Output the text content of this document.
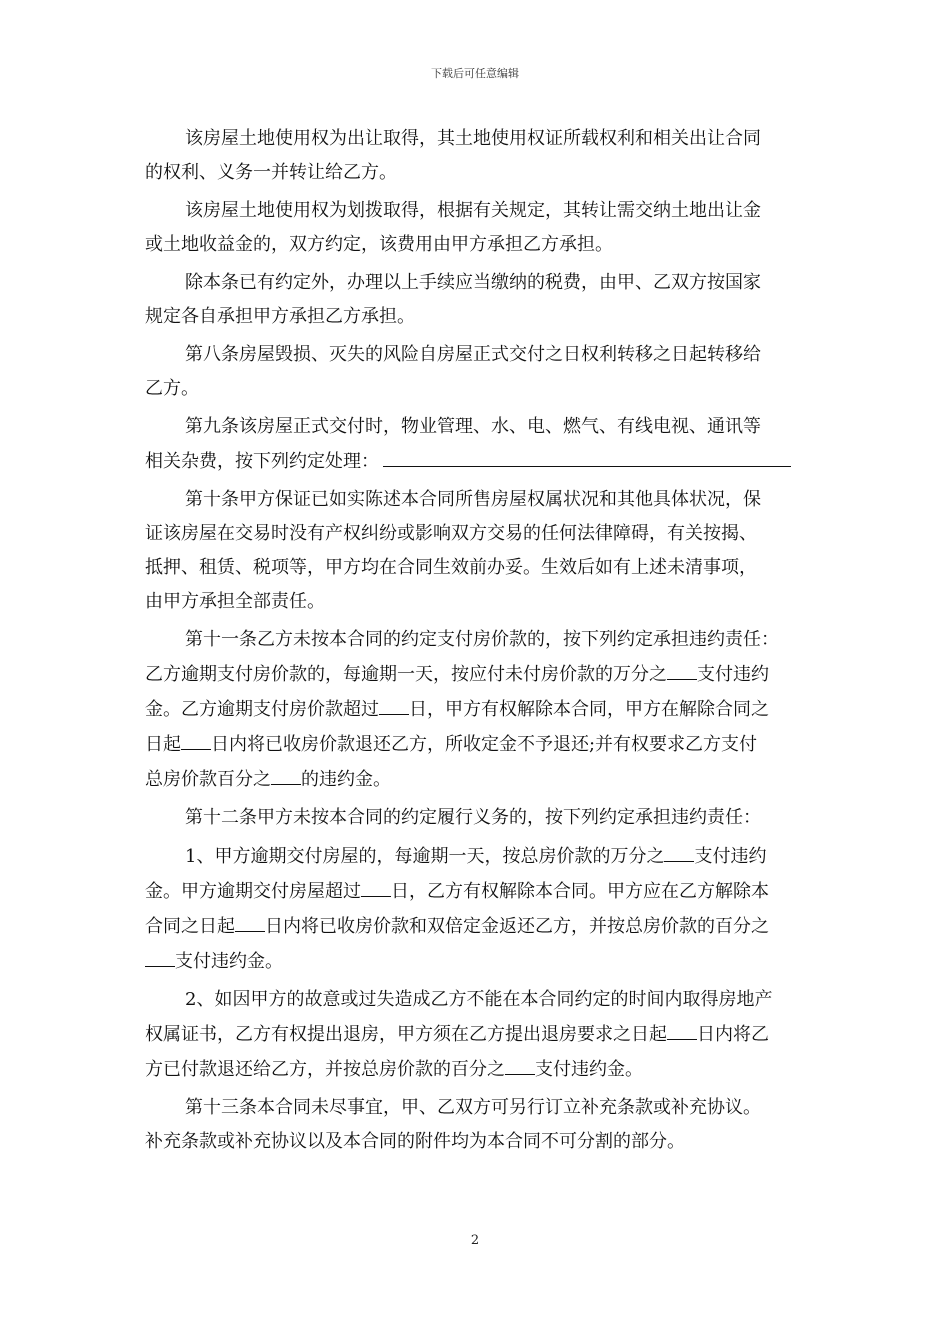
下载后可任意编辑

该房屋土地使用权为出让取得，其土地使用权证所载权利和相关出让合同
的权利、义务一并转让给乙方。

该房屋土地使用权为划拨取得，根据有关规定，其转让需交纳土地出让金
或土地收益金的，双方约定，该费用由甲方承担乙方承担。

除本条已有约定外，办理以上手续应当缴纳的税费，由甲、乙双方按国家
规定各自承担甲方承担乙方承担。

第八条房屋毁损、灭失的风险自房屋正式交付之日权利转移之日起转移给
乙方。

第九条该房屋正式交付时，物业管理、水、电、燃气、有线电视、通讯等
相关杂费，按下列约定处理：

第十条甲方保证已如实陈述本合同所售房屋权属状况和其他具体状况，保
证该房屋在交易时没有产权纠纷或影响双方交易的任何法律障碍，有关按揭、
抵押、租赁、税项等，甲方均在合同生效前办妥。生效后如有上述未清事项，
由甲方承担全部责任。

第十一条乙方未按本合同的约定支付房价款的，按下列约定承担违约责任：
乙方逾期支付房价款的，每逾期一天，按应付未付房价款的万分之 支付违约
金。乙方逾期支付房价款超过 日，甲方有权解除本合同，甲方在解除合同之
日起 日内将已收房价款退还乙方，所收定金不予退还;并有权要求乙方支付
总房价款百分之 的违约金。

第十二条甲方未按本合同的约定履行义务的，按下列约定承担违约责任：

1、甲方逾期交付房屋的，每逾期一天，按总房价款的万分之 支付违约
金。甲方逾期交付房屋超过 日，乙方有权解除本合同。甲方应在乙方解除本
合同之日起 日内将已收房价款和双倍定金返还乙方，并按总房价款的百分之
支付违约金。

2、如因甲方的故意或过失造成乙方不能在本合同约定的时间内取得房地产
权属证书，乙方有权提出退房，甲方须在乙方提出退房要求之日起 日内将乙
方已付款退还给乙方，并按总房价款的百分之 支付违约金。

第十三条本合同未尽事宜，甲、乙双方可另行订立补充条款或补充协议。
补充条款或补充协议以及本合同的附件均为本合同不可分割的部分。

2
